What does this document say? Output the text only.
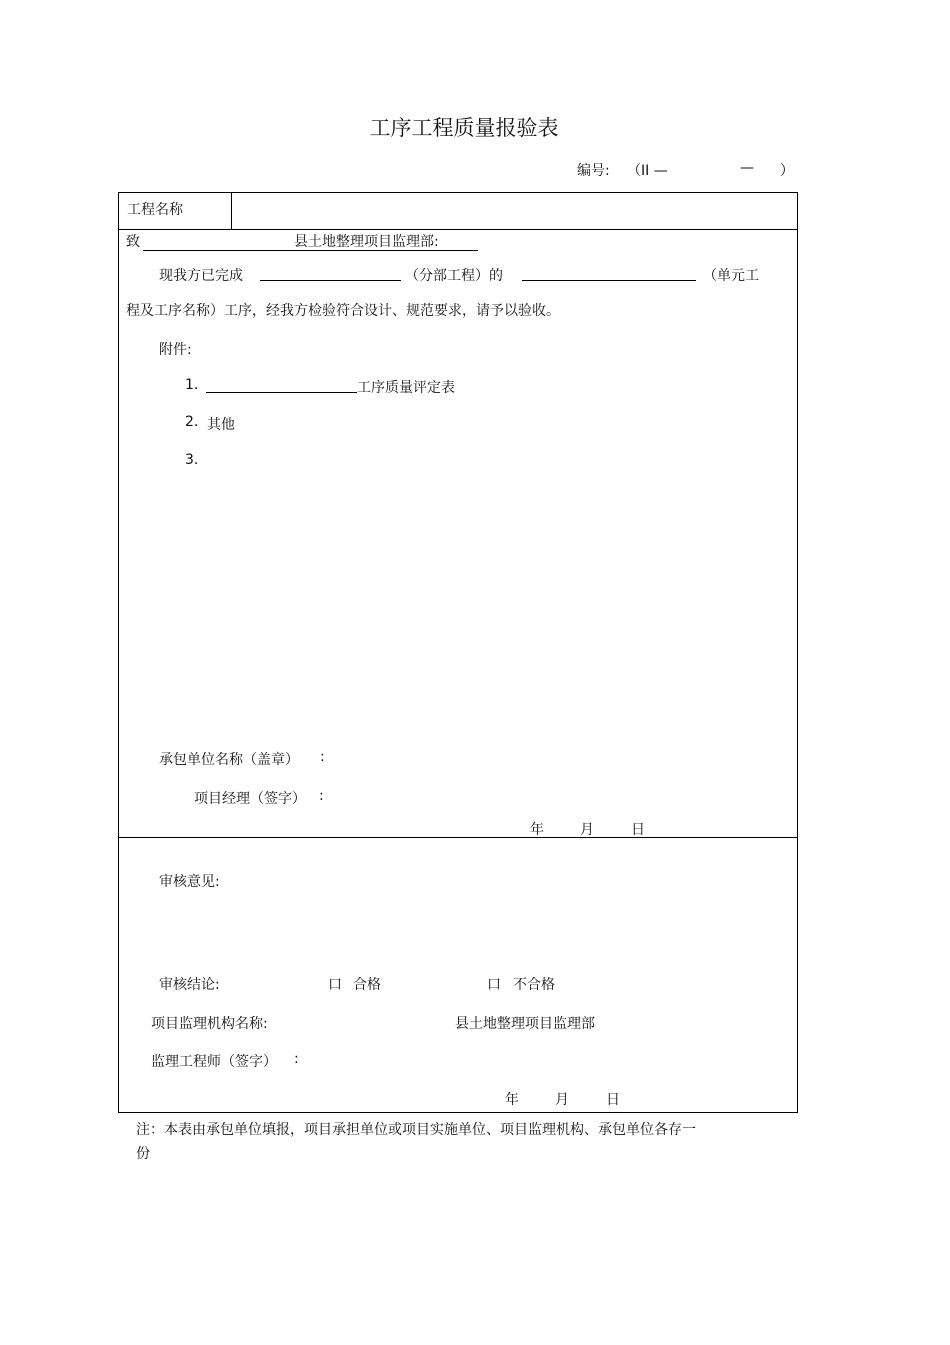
工序工程质量报验表
编号: （II —	— ）
工程名称
致	县土地整理项目监理部:
现我方已完成	（分部工程）的	（单元工
程及工序名称）工序，经我方检验符合设计、规范要求，请予以验收。
附件:
1.	工序质量评定表
2. 其他
3.
承包单位名称（盖章） :
项目经理（签字） :
年	月	日
审核意见:
审核结论:	口 合格	口 不合格
项目监理机构名称:	县土地整理项目监理部
监理工程师（签字） :
年	月	日
注：本表由承包单位填报，项目承担单位或项目实施单位、项目监理机构、承包单位各存一
份
